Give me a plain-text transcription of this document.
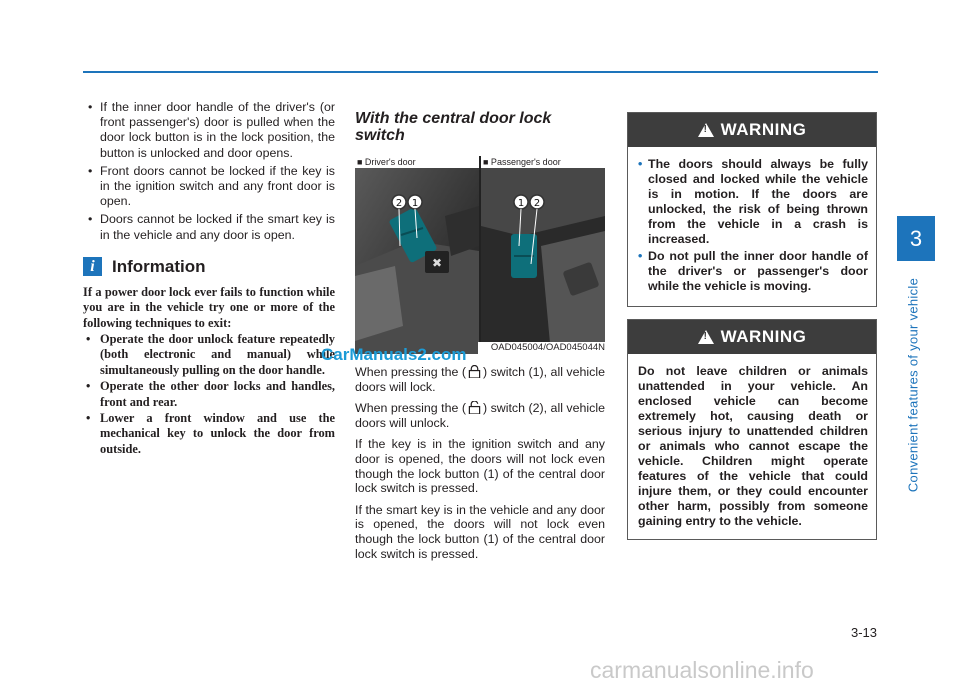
• If the inner door handle of the driver's (or front passenger's) door is pulled when the door lock button is in the lock position, the button is unlocked and door opens.
• Front doors cannot be locked if the key is in the ignition switch and any front door is open.
• Doors cannot be locked if the smart key is in the vehicle and any door is open.
i	Information

If a power door lock ever fails to function while you are in the vehicle try one or more of the following techniques to exit:

• Operate the door unlock feature repeatedly (both electronic and manual) while simultaneously pulling on the door handle.
• Operate the other door locks and handles, front and rear.
• Lower a front window and use the mechanical key to unlock the door from outside.
With the central door lock switch
✖
2 1	1 2
■ Driver's door	■ Passenger's door
OAD045004/OAD045044N
CarManuals2.com

When pressing the ( ) switch (1), all vehicle doors will lock.

When pressing the ( ) switch (2), all vehicle doors will unlock.

If the key is in the ignition switch and any door is opened, the doors will not lock even though the lock button (1) of the central door lock switch is pressed.

If the smart key is in the vehicle and any door is opened, the doors will not lock even though the lock button (1) of the central door lock switch is pressed.

!
WARNING
• The doors should always be fully closed and locked while the vehicle is in motion. If the doors are unlocked, the risk of being thrown from the vehicle in a crash is increased.
• Do not pull the inner door handle of the driver's or passenger's door while the vehicle is moving.
!
WARNING
Do not leave children or animals unattended in your vehicle. An enclosed vehicle can become extremely hot, causing death or serious injury to unattended children or animals who cannot escape the vehicle. Children might operate features of the vehicle that could injure them, or they could encounter other harm, possibly from someone gaining entry to the vehicle.
3
Convenient features of your vehicle
3-13
carmanualsonline.info
